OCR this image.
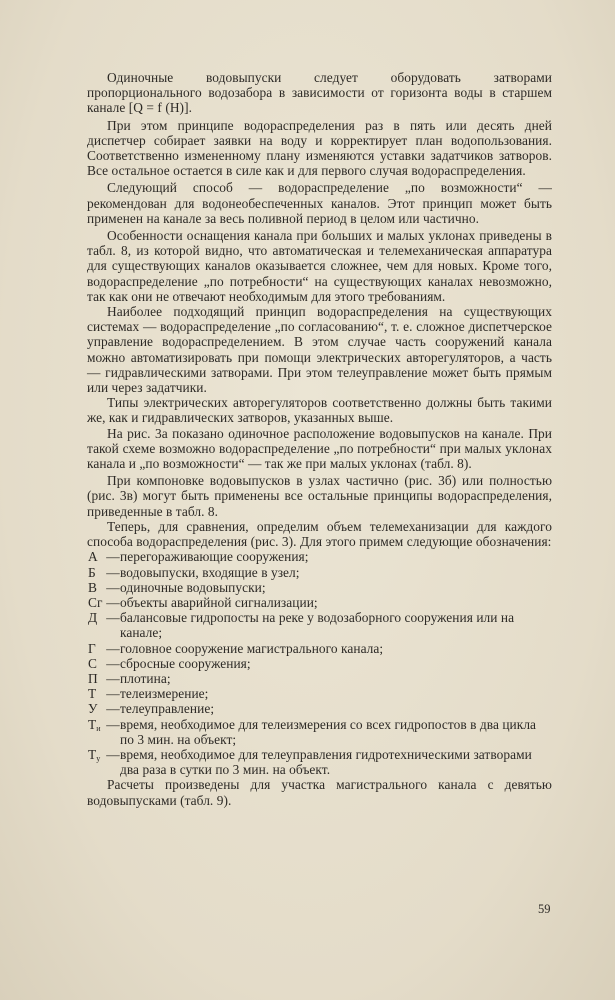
Одиночные водовыпуски следует оборудовать затворами пропорционального водозабора в зависимости от горизонта воды в старшем канале [Q = f (H)].

При этом принципе водораспределения раз в пять или десять дней диспетчер собирает заявки на воду и корректирует план водопользования. Соответственно измененному плану изменяются уставки задатчиков затворов. Все остальное остается в силе как и для первого случая водораспределения.

Следующий способ — водораспределение „по возможности“ — рекомендован для водонеобеспеченных каналов. Этот принцип может быть применен на канале за весь поливной период в целом или частично.

Особенности оснащения канала при больших и малых уклонах приведены в табл. 8, из которой видно, что автоматическая и телемеханическая аппаратура для существующих каналов оказывается сложнее, чем для новых. Кроме того, водораспределение „по потребности“ на существующих каналах невозможно, так как они не отвечают необходимым для этого требованиям.

Наиболее подходящий принцип водораспределения на существующих системах — водораспределение „по согласованию“, т. е. сложное диспетчерское управление водораспределением. В этом случае часть сооружений канала можно автоматизировать при помощи электрических авторегуляторов, а часть — гидравлическими затворами. При этом телеуправление может быть прямым или через задатчики.

Типы электрических авторегуляторов соответственно должны быть такими же, как и гидравлических затворов, указанных выше.

На рис. 3а показано одиночное расположение водовыпусков на канале. При такой схеме возможно водораспределение „по потребности“ при малых уклонах канала и „по возможности“ — так же при малых уклонах (табл. 8).

При компоновке водовыпусков в узлах частично (рис. 3б) или полностью (рис. 3в) могут быть применены все остальные принципы водораспределения, приведенные в табл. 8.

Теперь, для сравнения, определим объем телемеханизации для каждого способа водораспределения (рис. 3). Для этого примем следующие обозначения:

А — перегораживающие сооружения;
Б — водовыпуски, входящие в узел;
В — одиночные водовыпуски;
Сг — объекты аварийной сигнализации;
Д — балансовые гидропосты на реке у водозаборного сооружения или на канале;
Г — головное сооружение магистрального канала;
С — сбросные сооружения;
П — плотина;
Т — телеизмерение;
У — телеуправление;
$Т_и$ — время, необходимое для телеизмерения со всех гидропостов в два цикла по 3 мин. на объект;
$Т_у$ — время, необходимое для телеуправления гидротехническими затворами два раза в сутки по 3 мин. на объект.

Расчеты произведены для участка магистрального канала с девятью водовыпусками (табл. 9).

59
